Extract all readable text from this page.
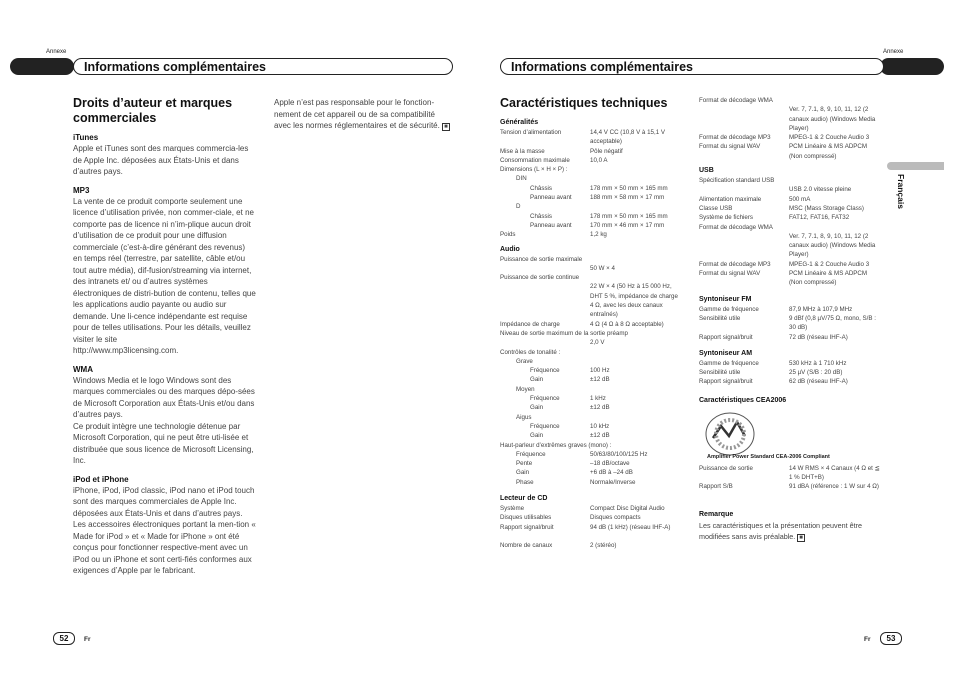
Annexe	Annexe
Informations complémentaires	Informations complémentaires
Français
Droits d’auteur et marques commerciales
iTunes
Apple et iTunes sont des marques commercia-les de Apple Inc. déposées aux États-Unis et dans d’autres pays.
MP3
La vente de ce produit comporte seulement une licence d’utilisation privée, non commer-ciale, et ne comporte pas de licence ni n’im-plique aucun droit d’utilisation de ce produit pour une diffusion commerciale (c’est-à-dire générant des revenus) en temps réel (terrestre, par satellite, câble et/ou tout autre média), dif-fusion/streaming via internet, des intranets et/ ou d’autres systèmes électroniques de distri-bution de contenu, telles que les applications audio payante ou audio sur demande. Une li-cence indépendante est requise pour de telles utilisations. Pour les détails, veuillez visiter le site
http://www.mp3licensing.com.
WMA
Windows Media et le logo Windows sont des marques commerciales ou des marques dépo-sées de Microsoft Corporation aux États-Unis et/ou dans d’autres pays.
Ce produit intègre une technologie détenue par Microsoft Corporation, qui ne peut être uti-lisée et distribuée que sous licence de Microsoft Licensing, Inc.
iPod et iPhone
iPhone, iPod, iPod classic, iPod nano et iPod touch sont des marques commerciales de Apple Inc. déposées aux États-Unis et dans d’autres pays.
Les accessoires électroniques portant la men-tion « Made for iPod » et « Made for iPhone » ont été conçus pour fonctionner respective-ment avec un iPod ou un iPhone et sont certi-fiés conformes aux exigences d’Apple par le fabricant.
Apple n’est pas responsable pour le fonction-nement de cet appareil ou de sa compatibilité avec les normes réglementaires et de sécurité. ■
Caractéristiques techniques
Généralités
Tension d’alimentation	14,4 V CC (10,8 V à 15,1 V acceptable)
Mise à la masse	Pôle négatif
Consommation maximale	10,0 A
Dimensions (L × H × P) :
DIN
Châssis	178 mm × 50 mm × 165 mm
Panneau avant	188 mm × 58 mm × 17 mm
D
Châssis	178 mm × 50 mm × 165 mm
Panneau avant	170 mm × 46 mm × 17 mm
Poids	1,2 kg
Audio
Puissance de sortie maximale
50 W × 4
Puissance de sortie continue
22 W × 4 (50 Hz à 15 000 Hz, DHT 5 %, impédance de charge 4 Ω, avec les deux canaux entraînés)
Impédance de charge	4 Ω (4 Ω à 8 Ω acceptable)
Niveau de sortie maximum de la sortie préamp
2,0 V
Contrôles de tonalité :
Grave
Fréquence	100 Hz
Gain	±12 dB
Moyen
Fréquence	1 kHz
Gain	±12 dB
Aigus
Fréquence	10 kHz
Gain	±12 dB
Haut-parleur d’extrêmes graves (mono) :
Fréquence	50/63/80/100/125 Hz
Pente	–18 dB/octave
Gain	+6 dB à –24 dB
Phase	Normale/Inverse
Lecteur de CD
Système	Compact Disc Digital Audio
Disques utilisables	Disques compacts
Rapport signal/bruit	94 dB (1 kHz) (réseau IHF-A)
Nombre de canaux	2 (stéréo)
Format de décodage WMA
Ver. 7, 7.1, 8, 9, 10, 11, 12 (2 canaux audio) (Windows Media Player)
Format de décodage MP3	MPEG-1 & 2 Couche Audio 3
Format du signal WAV	PCM Linéaire & MS ADPCM (Non compressé)
USB
Spécification standard USB
USB 2.0 vitesse pleine
Alimentation maximale	500 mA
Classe USB	MSC (Mass Storage Class)
Système de fichiers	FAT12, FAT16, FAT32
Format de décodage WMA
Ver. 7, 7.1, 8, 9, 10, 11, 12 (2 canaux audio) (Windows Media Player)
Format de décodage MP3	MPEG-1 & 2 Couche Audio 3
Format du signal WAV	PCM Linéaire & MS ADPCM (Non compressé)
Syntoniseur FM
Gamme de fréquence	87,9 MHz à 107,9 MHz
Sensibilité utile	9 dBf (0,8 µV/75 Ω, mono, S/B : 30 dB)
Rapport signal/bruit	72 dB (réseau IHF-A)
Syntoniseur AM
Gamme de fréquence	530 kHz à 1 710 kHz
Sensibilité utile	25 µV (S/B : 20 dB)
Rapport signal/bruit	62 dB (réseau IHF-A)
Caractéristiques CEA2006
Amplifier Power Standard CEA-2006 Compliant
Puissance de sortie	14 W RMS × 4 Canaux (4 Ω et ≦ 1 % DHT+B)
Rapport S/B	91 dBA (référence : 1 W sur 4 Ω)
Remarque
Les caractéristiques et la présentation peuvent être modifiées sans avis préalable. ■
52	Fr	53
Fr
